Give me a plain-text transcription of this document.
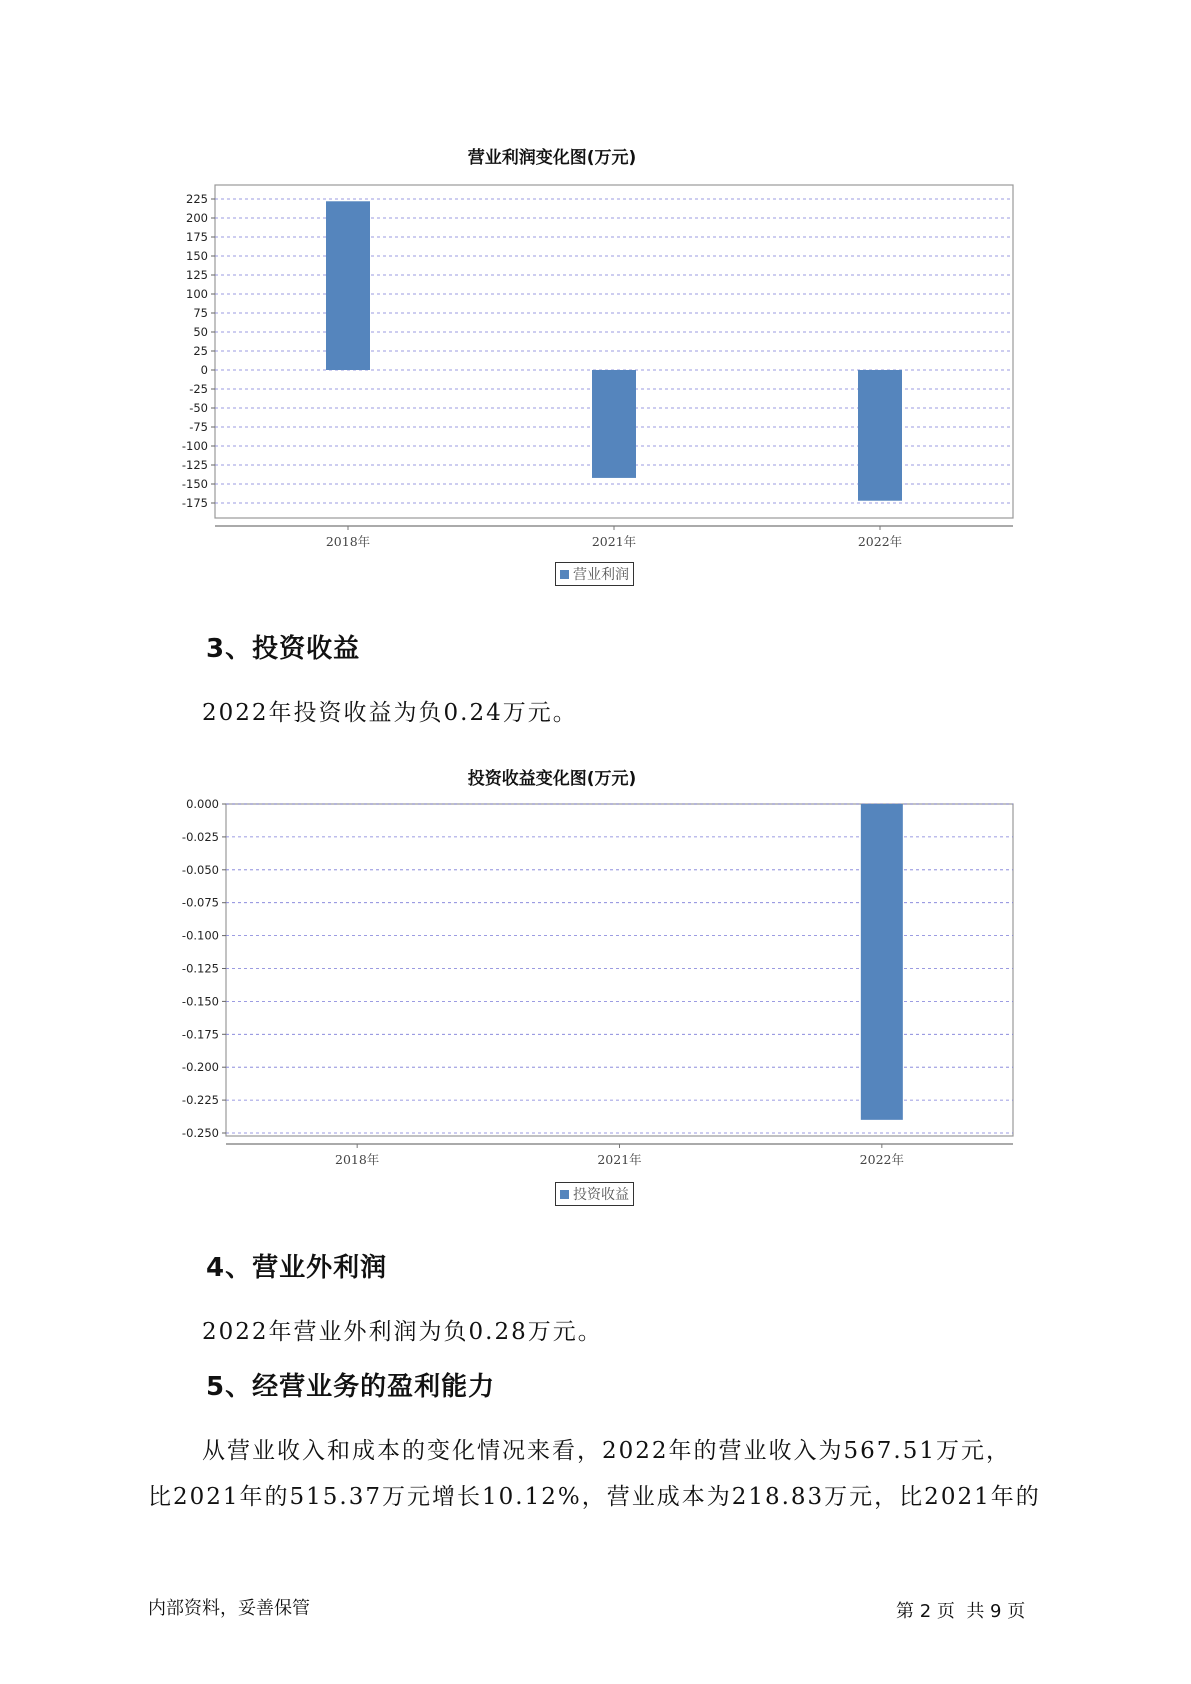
营业利润变化图(万元)
225
200
175
150
125
100
75
50
25
0
-25
-50
-75
-100
-125
-150
-175
2018年	2021年	2022年
营业利润
3、投资收益
2022年投资收益为负0.24万元。
投资收益变化图(万元)
0.000
-0.025
-0.050
-0.075
-0.100
-0.125
-0.150
-0.175
-0.200
-0.225
-0.250
2018年	2021年	2022年
投资收益
4、营业外利润
2022年营业外利润为负0.28万元。
5、经营业务的盈利能力
从营业收入和成本的变化情况来看，2022年的营业收入为567.51万元，
比2021年的515.37万元增长10.12%，营业成本为218.83万元，比2021年的
内部资料，妥善保管	第 2 页  共 9 页
